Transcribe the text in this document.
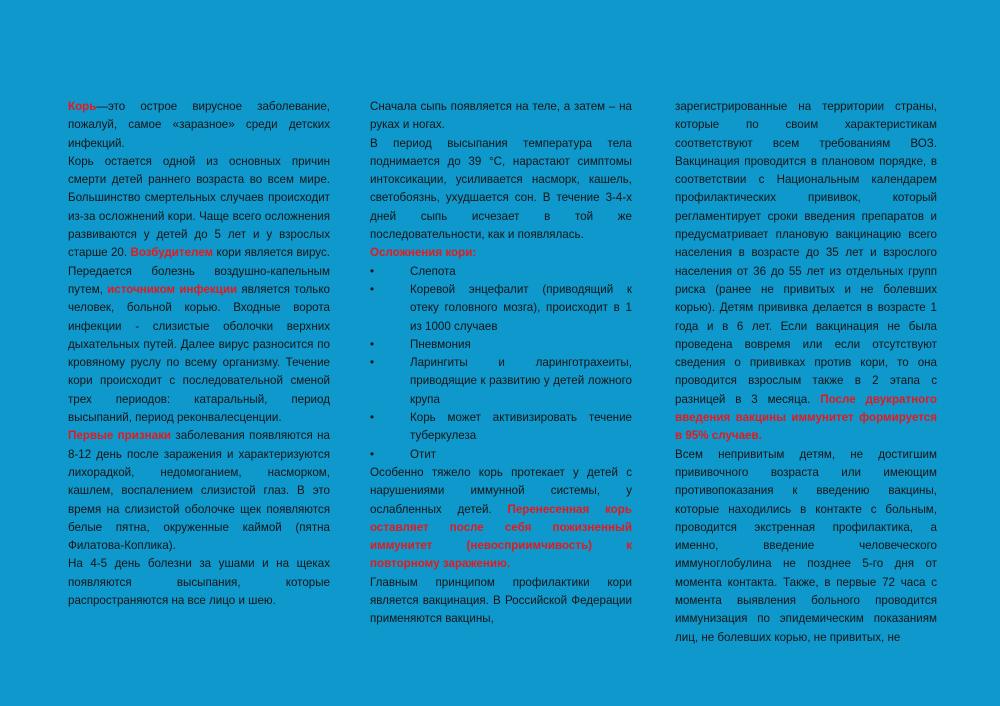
Корь—это острое вирусное заболевание, пожалуй, самое «заразное» среди детских инфекций.

Корь остается одной из основных причин смерти детей раннего возраста во всем мире. Большинство смертельных случаев происходит из-за осложнений кори. Чаще всего осложнения развиваются у детей до 5 лет и у взрослых старше 20. Возбудителем кори является вирус. Передается болезнь воздушно-капельным путем, источником инфекции является только человек, больной корью. Входные ворота инфекции - слизистые оболочки верхних дыхательных путей. Далее вирус разносится по кровяному руслу по всему организму. Течение кори происходит с последовательной сменой трех периодов: катаральный, период высыпаний, период реконвалесценции.

Первые признаки заболевания появляются на 8-12 день после заражения и характеризуются лихорадкой, недомоганием, насморком, кашлем, воспалением слизистой глаз. В это время на слизистой оболочке щек появляются белые пятна, окруженные каймой (пятна Филатова-Коплика).

На 4-5 день болезни за ушами и на щеках появляются высыпания, которые распространяются на все лицо и шею.

Сначала сыпь появляется на теле, а затем – на руках и ногах.

В период высыпания температура тела поднимается до 39 °С, нарастают симптомы интоксикации, усиливается насморк, кашель, светобоязнь, ухудшается сон. В течение 3-4-х дней сыпь исчезает в той же последовательности, как и появлялась.

Осложнения кори:
•	Слепота
•	Коревой энцефалит (приводящий к отеку головного мозга), происходит в 1 из 1000 случаев
•	Пневмония
•	Ларингиты и ларинготрахеиты, приводящие к развитию у детей ложного крупа
•	Корь может активизировать течение туберкулеза
•	Отит

Особенно тяжело корь протекает у детей с нарушениями иммунной системы, у ослабленных детей. Перенесенная корь оставляет после себя пожизненный иммунитет (невосприимчивость) к повторному заражению.

Главным принципом профилактики кори является вакцинация. В Российской Федерации применяются вакцины,

зарегистрированные на территории страны, которые по своим характеристикам соответствуют всем требованиям ВОЗ. Вакцинация проводится в плановом порядке, в соответствии с Национальным календарем профилактических прививок, который регламентирует сроки введения препаратов и предусматривает плановую вакцинацию всего населения в возрасте до 35 лет и взрослого населения от 36 до 55 лет из отдельных групп риска (ранее не привитых и не болевших корью). Детям прививка делается в возрасте 1 года и в 6 лет. Если вакцинация не была проведена вовремя или если отсутствуют сведения о прививках против кори, то она проводится взрослым также в 2 этапа с разницей в 3 месяца. После двукратного введения вакцины иммунитет формируется в 95% случаев.

Всем непривитым детям, не достигшим прививочного возраста или имеющим противопоказания к введению вакцины, которые находились в контакте с больным, проводится экстренная профилактика, а именно, введение человеческого иммуноглобулина не позднее 5-го дня от момента контакта. Также, в первые 72 часа с момента выявления больного проводится иммунизация по эпидемическим показаниям лиц, не болевших корью, не привитых, не
